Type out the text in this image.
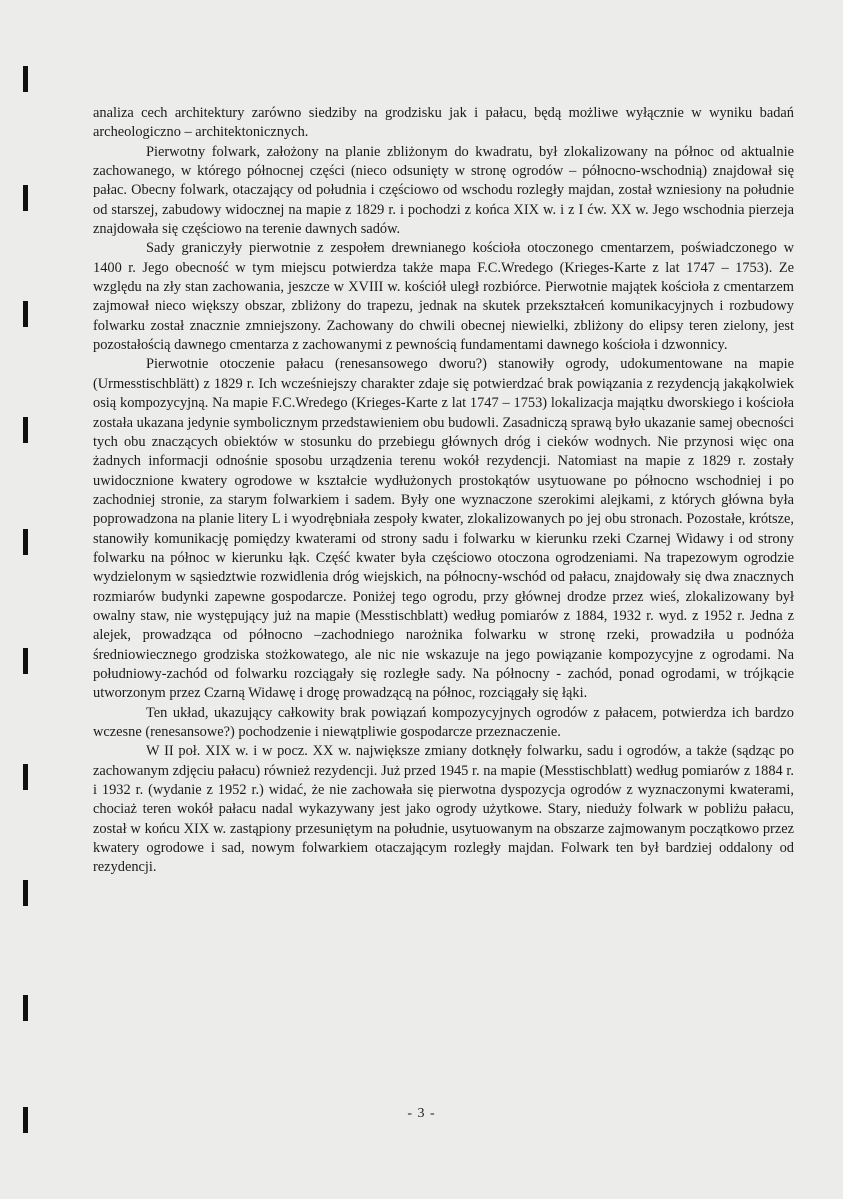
analiza cech architektury zarówno siedziby na grodzisku jak i pałacu, będą możliwe wyłącznie w wyniku badań archeologiczno – architektonicznych.

Pierwotny folwark, założony na planie zbliżonym do kwadratu, był zlokalizowany na północ od aktualnie zachowanego, w którego północnej części (nieco odsunięty w stronę ogrodów – północno-wschodnią) znajdował się pałac. Obecny folwark, otaczający od południa i częściowo od wschodu rozległy majdan, został wzniesiony na południe od starszej, zabudowy widocznej na mapie z 1829 r. i pochodzi z końca XIX w. i z I ćw. XX w. Jego wschodnia pierzeja znajdowała się częściowo na terenie dawnych sadów.

Sady graniczyły pierwotnie z zespołem drewnianego kościoła otoczonego cmentarzem, poświadczonego w 1400 r. Jego obecność w tym miejscu potwierdza także mapa F.C.Wredego (Krieges-Karte z lat 1747 – 1753). Ze względu na zły stan zachowania, jeszcze w XVIII w. kościół uległ rozbiórce. Pierwotnie majątek kościoła z cmentarzem zajmował nieco większy obszar, zbliżony do trapezu, jednak na skutek przekształceń komunikacyjnych i rozbudowy folwarku został znacznie zmniejszony. Zachowany do chwili obecnej niewielki, zbliżony do elipsy teren zielony, jest pozostałością dawnego cmentarza z zachowanymi z pewnością fundamentami dawnego kościoła i dzwonnicy.

Pierwotnie otoczenie pałacu (renesansowego dworu?) stanowiły ogrody, udokumentowane na mapie (Urmesstischblätt) z 1829 r. Ich wcześniejszy charakter zdaje się potwierdzać brak powiązania z rezydencją jakąkolwiek osią kompozycyjną. Na mapie F.C.Wredego (Krieges-Karte z lat 1747 – 1753) lokalizacja majątku dworskiego i kościoła została ukazana jedynie symbolicznym przedstawieniem obu budowli. Zasadniczą sprawą było ukazanie samej obecności tych obu znaczących obiektów w stosunku do przebiegu głównych dróg i cieków wodnych. Nie przynosi więc ona żadnych informacji odnośnie sposobu urządzenia terenu wokół rezydencji. Natomiast na mapie z 1829 r. zostały uwidocznione kwatery ogrodowe w kształcie wydłużonych prostokątów usytuowane po północno wschodniej i po zachodniej stronie, za starym folwarkiem i sadem. Były one wyznaczone szerokimi alejkami, z których główna była poprowadzona na planie litery L i wyodrębniała zespoły kwater, zlokalizowanych po jej obu stronach. Pozostałe, krótsze, stanowiły komunikację pomiędzy kwaterami od strony sadu i folwarku w kierunku rzeki Czarnej Widawy i od strony folwarku na północ w kierunku łąk. Część kwater była częściowo otoczona ogrodzeniami. Na trapezowym ogrodzie wydzielonym w sąsiedztwie rozwidlenia dróg wiejskich, na północny-wschód od pałacu, znajdowały się dwa znacznych rozmiarów budynki zapewne gospodarcze. Poniżej tego ogrodu, przy głównej drodze przez wieś, zlokalizowany był owalny staw, nie występujący już na mapie (Messtischblatt) według pomiarów z 1884, 1932 r. wyd. z 1952 r. Jedna z alejek, prowadząca od północno –zachodniego narożnika folwarku w stronę rzeki, prowadziła u podnóża średniowiecznego grodziska stożkowatego, ale nic nie wskazuje na jego powiązanie kompozycyjne z ogrodami. Na południowy-zachód od folwarku rozciągały się rozległe sady. Na północny - zachód, ponad ogrodami, w trójkącie utworzonym przez Czarną Widawę i drogę prowadzącą na północ, rozciągały się łąki.

Ten układ, ukazujący całkowity brak powiązań kompozycyjnych ogrodów z pałacem, potwierdza ich bardzo wczesne (renesansowe?) pochodzenie i niewątpliwie gospodarcze przeznaczenie.

W II poł. XIX w. i w pocz. XX w. największe zmiany dotknęły folwarku, sadu i ogrodów, a także (sądząc po zachowanym zdjęciu pałacu) również rezydencji. Już przed 1945 r. na mapie (Messtischblatt) według pomiarów z 1884 r. i 1932 r. (wydanie z 1952 r.) widać, że nie zachowała się pierwotna dyspozycja ogrodów z wyznaczonymi kwaterami, chociaż teren wokół pałacu nadal wykazywany jest jako ogrody użytkowe. Stary, nieduży folwark w pobliżu pałacu, został w końcu XIX w. zastąpiony przesuniętym na południe, usytuowanym na obszarze zajmowanym początkowo przez kwatery ogrodowe i sad, nowym folwarkiem otaczającym rozległy majdan. Folwark ten był bardziej oddalony od rezydencji.

- 3 -
